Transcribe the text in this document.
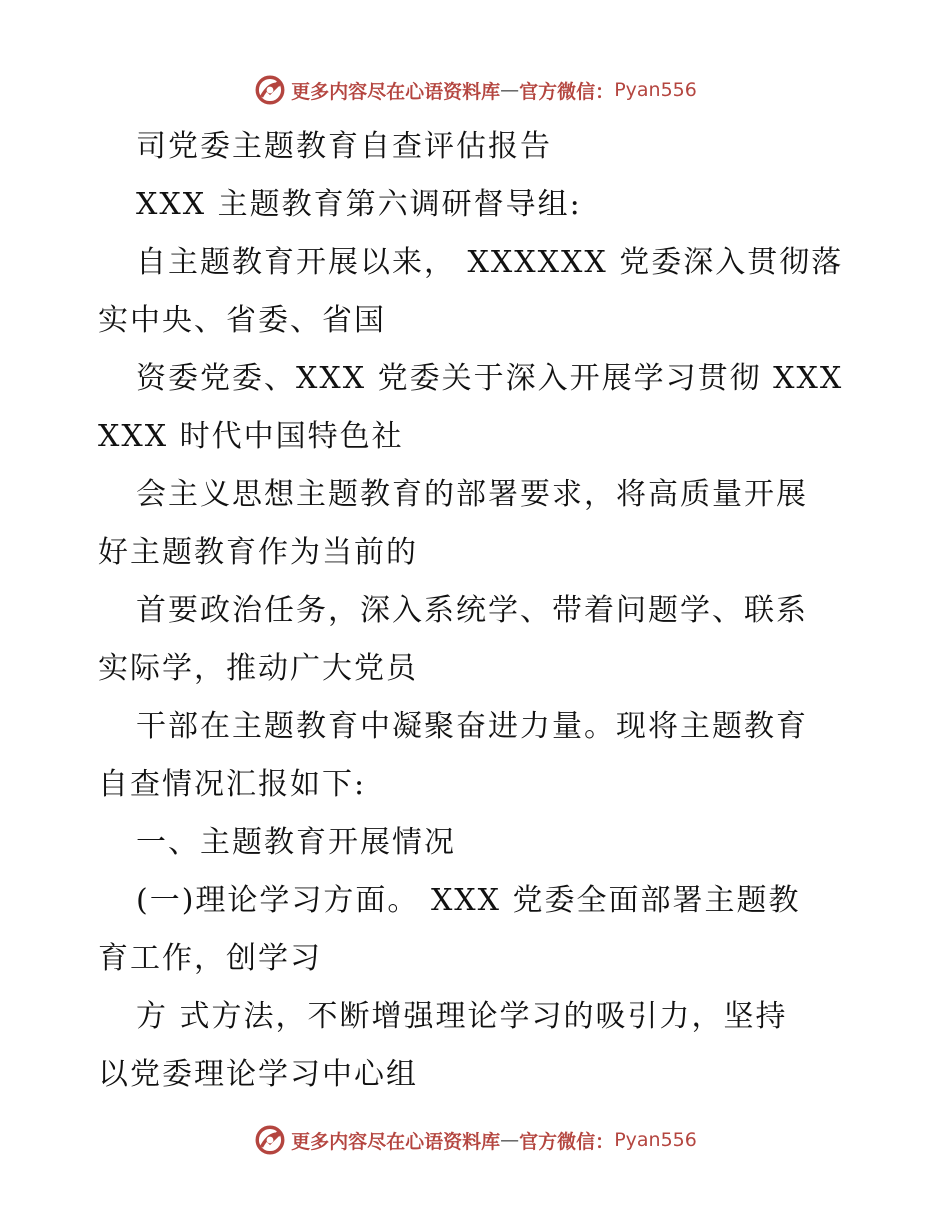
更多内容尽在心语资料库 — 官方微信： Pyan556
司党委主题教育自查评估报告
XXX 主题教育第六调研督导组:
自主题教育开展以来， XXXXXX 党委深入贯彻落
实中央、省委、省国
资委党委、XXX 党委关于深入开展学习贯彻 XXX
XXX 时代中国特色社
会主义思想主题教育的部署要求，将高质量开展
好主题教育作为当前的
首要政治任务，深入系统学、带着问题学、联系
实际学，推动广大党员
干部在主题教育中凝聚奋进力量。现将主题教育
自查情况汇报如下:
一、主题教育开展情况
(一)理论学习方面。 XXX 党委全面部署主题教
育工作，创学习
方 式方法，不断增强理论学习的吸引力，坚持
以党委理论学习中心组
更多内容尽在心语资料库 — 官方微信： Pyan556
